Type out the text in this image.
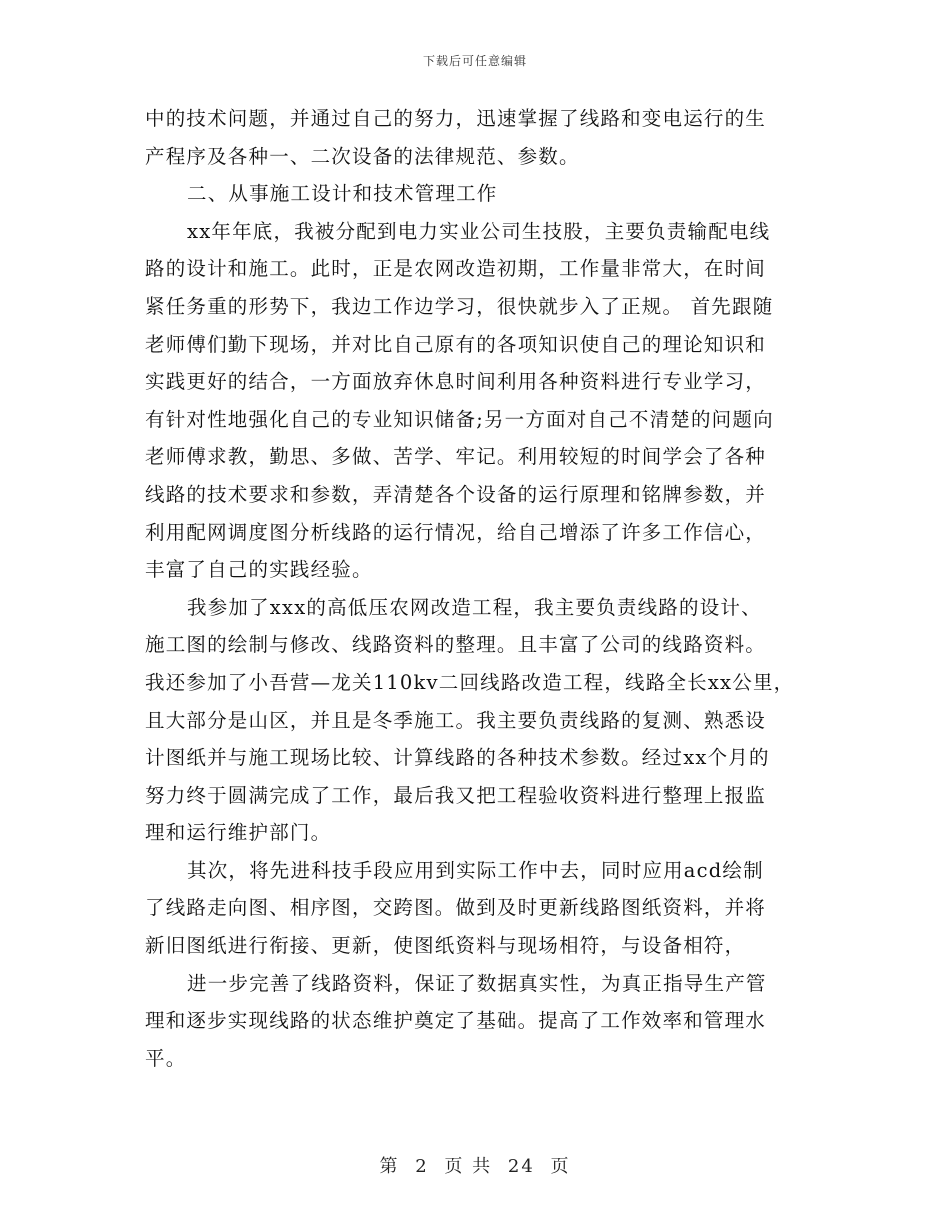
下载后可任意编辑
中的技术问题，并通过自己的努力，迅速掌握了线路和变电运行的生
产程序及各种一、二次设备的法律规范、参数。
二、从事施工设计和技术管理工作
xx年年底，我被分配到电力实业公司生技股，主要负责输配电线
路的设计和施工。此时，正是农网改造初期，工作量非常大，在时间
紧任务重的形势下，我边工作边学习，很快就步入了正规。 首先跟随
老师傅们勤下现场，并对比自己原有的各项知识使自己的理论知识和
实践更好的结合，一方面放弃休息时间利用各种资料进行专业学习，
有针对性地强化自己的专业知识储备;另一方面对自己不清楚的问题向
老师傅求教，勤思、多做、苦学、牢记。利用较短的时间学会了各种
线路的技术要求和参数，弄清楚各个设备的运行原理和铭牌参数，并
利用配网调度图分析线路的运行情况，给自己增添了许多工作信心，
丰富了自己的实践经验。
我参加了xxx的高低压农网改造工程，我主要负责线路的设计、
施工图的绘制与修改、线路资料的整理。且丰富了公司的线路资料。
我还参加了小吾营—龙关110kv二回线路改造工程，线路全长xx公里，
且大部分是山区，并且是冬季施工。我主要负责线路的复测、熟悉设
计图纸并与施工现场比较、计算线路的各种技术参数。经过xx个月的
努力终于圆满完成了工作，最后我又把工程验收资料进行整理上报监
理和运行维护部门。
其次，将先进科技手段应用到实际工作中去，同时应用acd绘制
了线路走向图、相序图，交跨图。做到及时更新线路图纸资料，并将
新旧图纸进行衔接、更新，使图纸资料与现场相符，与设备相符，
进一步完善了线路资料，保证了数据真实性，为真正指导生产管
理和逐步实现线路的状态维护奠定了基础。提高了工作效率和管理水
平。
第 2 页 共 24 页
